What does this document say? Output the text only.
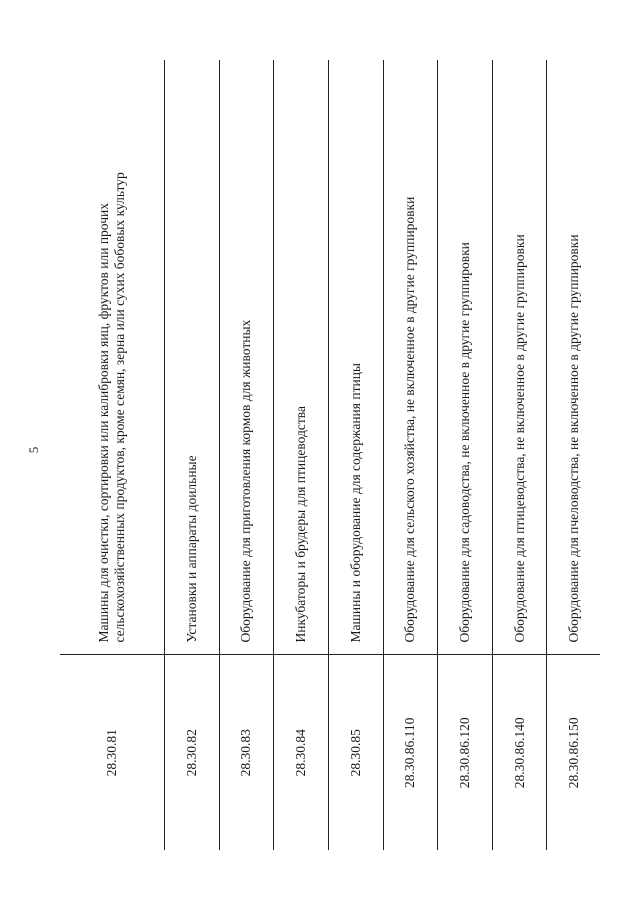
5
28.30.81	Машины для очистки, сортировки или калибровки яиц, фруктов или прочих сельскохозяйственных продуктов, кроме семян, зерна или сухих бобовых культур
28.30.82	Установки и аппараты доильные
28.30.83	Оборудование для приготовления кормов для животных
28.30.84	Инкубаторы и брудеры для птицеводства
28.30.85	Машины и оборудование для содержания птицы
28.30.86.110	Оборудование для сельского хозяйства, не включенное в другие группировки
28.30.86.120	Оборудование для садоводства, не включенное в другие группировки
28.30.86.140	Оборудование для птицеводства, не включенное в другие группировки
28.30.86.150	Оборудование для пчеловодства, не включенное в другие группировки
